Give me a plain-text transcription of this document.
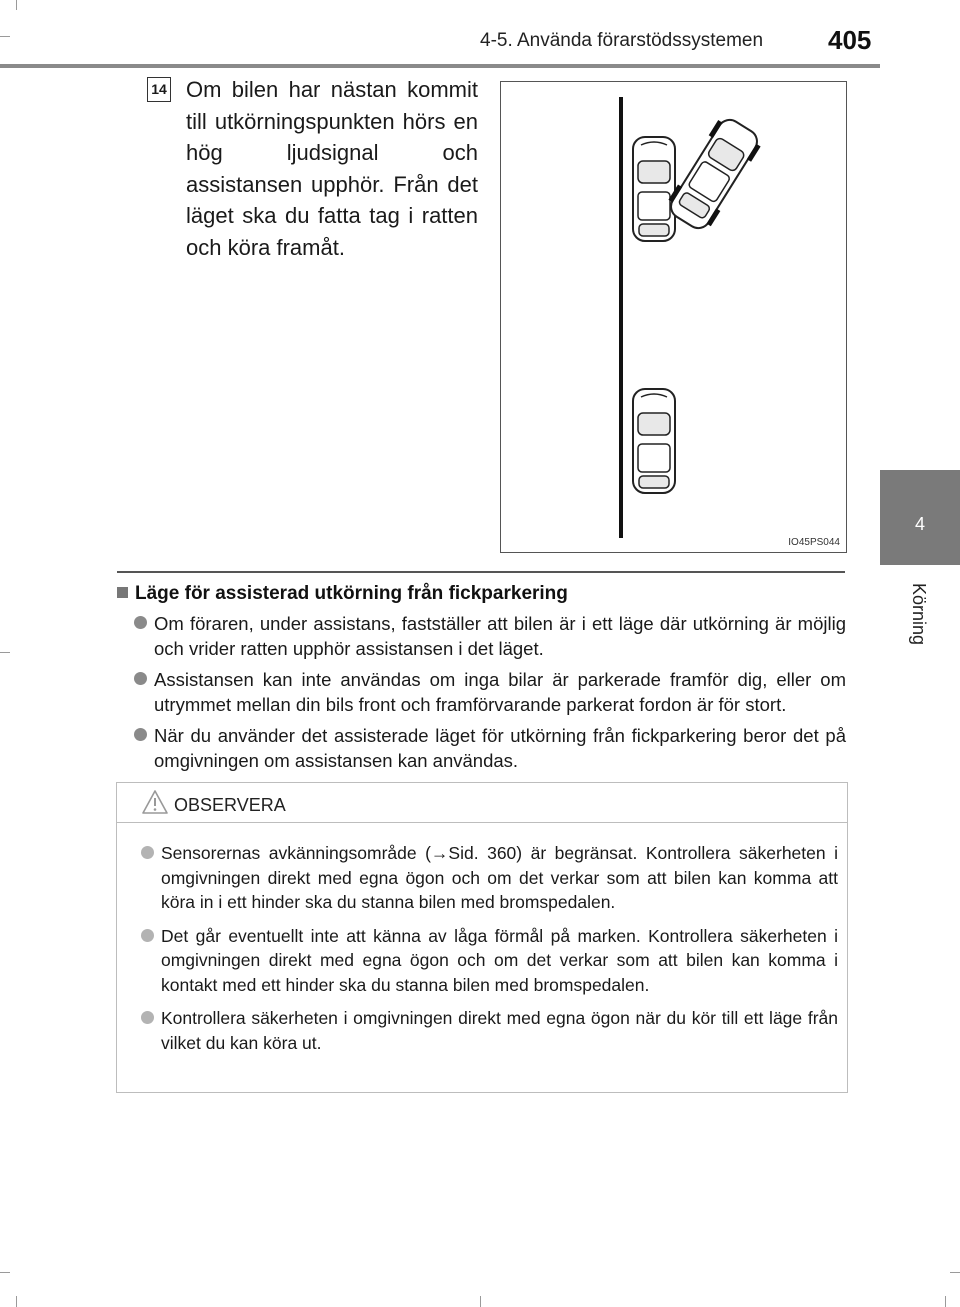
4-5. Använda förarstödssystemen 405
4
Körning
14 Om bilen har nästan kommit till utkörningspunkten hörs en hög ljudsignal och assistansen upphör. Från det läget ska du fatta tag i ratten och köra framåt.
IO45PS044
Läge för assisterad utkörning från fickparkering
Om föraren, under assistans, fastställer att bilen är i ett läge där utkörning är möjlig och vrider ratten upphör assistansen i det läget.
Assistansen kan inte användas om inga bilar är parkerade framför dig, eller om utrymmet mellan din bils front och framförvarande parkerat fordon är för stort.
När du använder det assisterade läget för utkörning från fickparkering beror det på omgivningen om assistansen kan användas.
OBSERVERA
Sensorernas avkänningsområde (→Sid. 360) är begränsat. Kontrollera säkerheten i omgivningen direkt med egna ögon och om det verkar som att bilen kan komma att köra in i ett hinder ska du stanna bilen med bromspedalen.
Det går eventuellt inte att känna av låga förmål på marken. Kontrollera säkerheten i omgivningen direkt med egna ögon och om det verkar som att bilen kan komma i kontakt med ett hinder ska du stanna bilen med bromspedalen.
Kontrollera säkerheten i omgivningen direkt med egna ögon när du kör till ett läge från vilket du kan köra ut.
